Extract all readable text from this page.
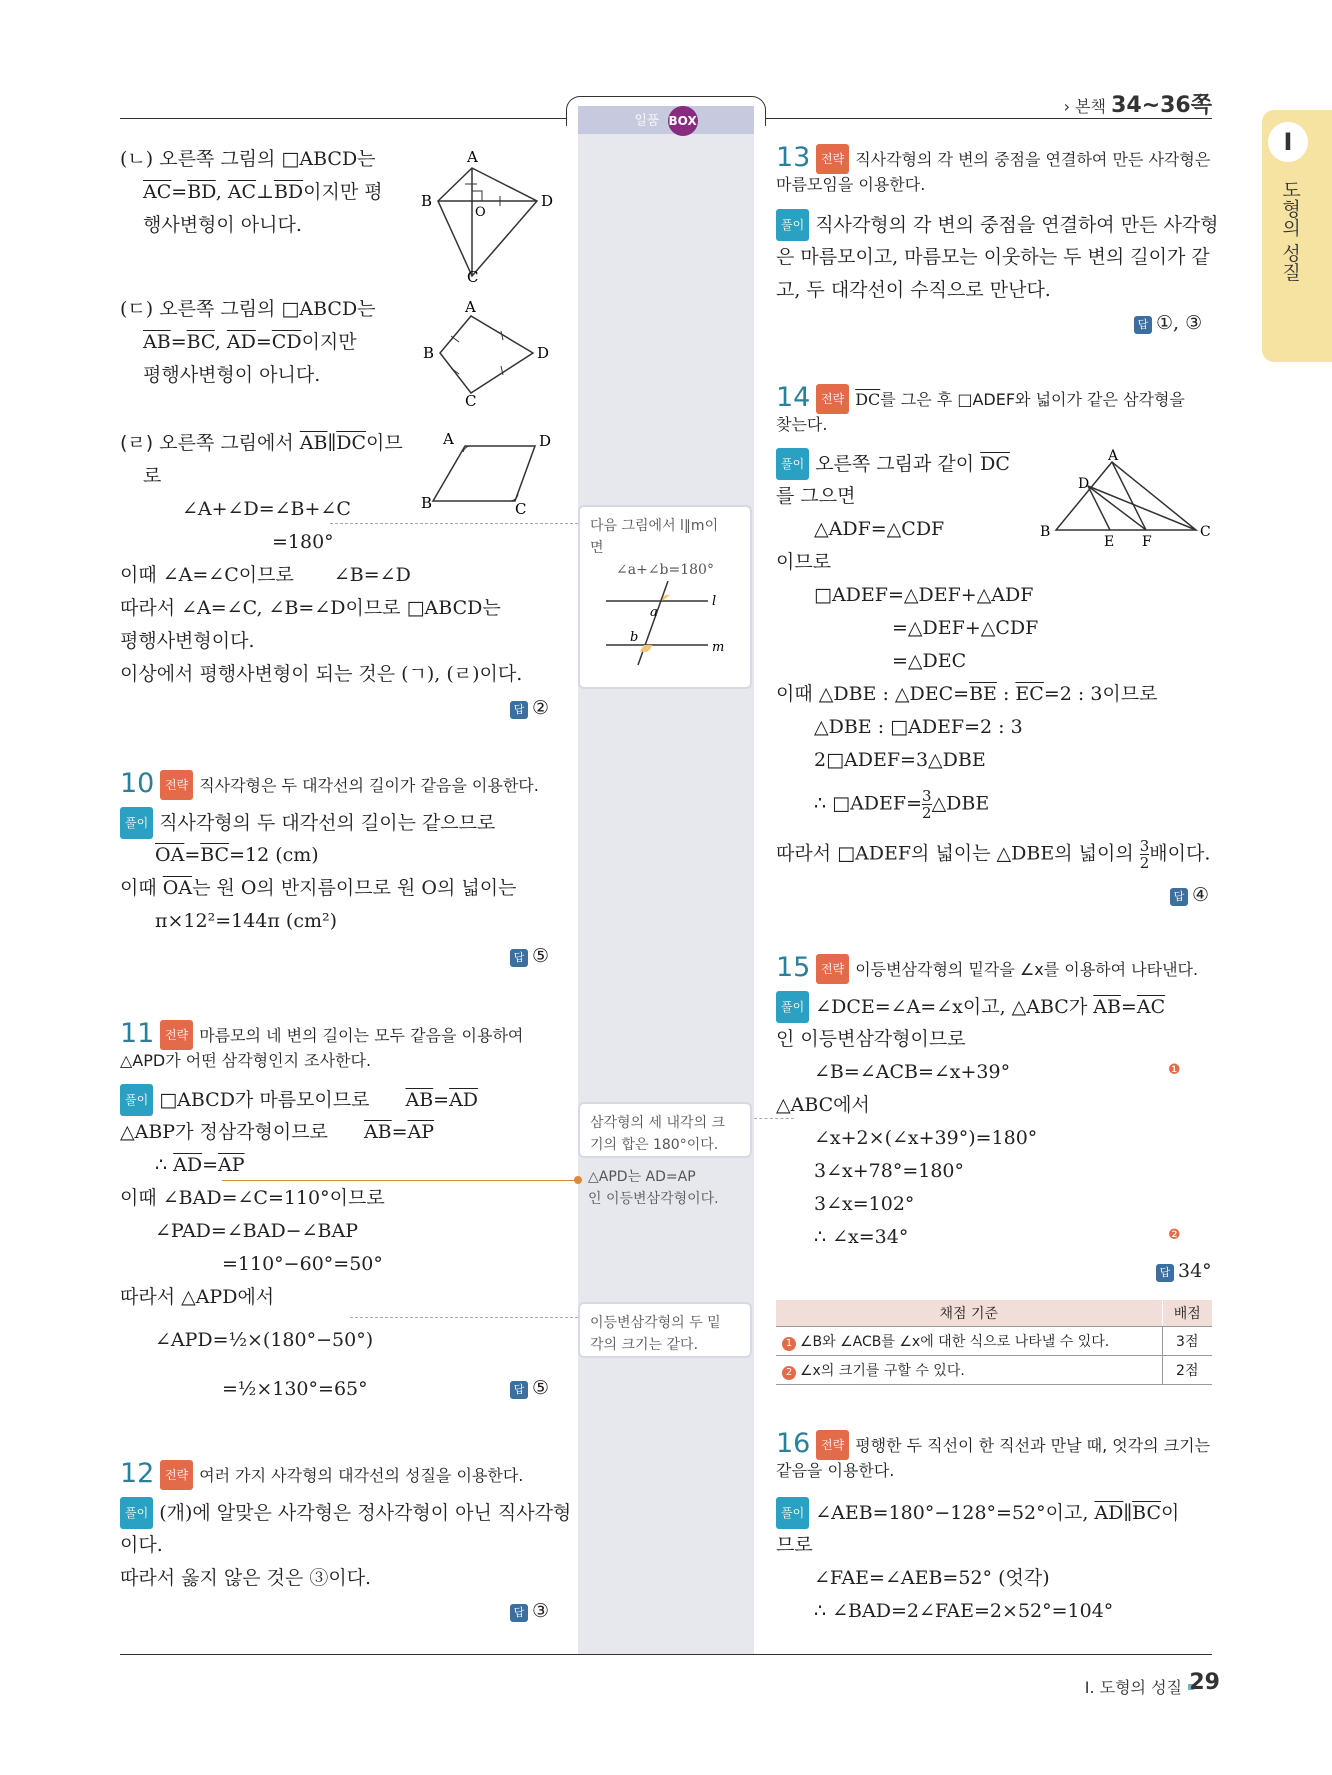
일품 BOX
› 본책 34~36쪽
I
도형의 성질
(ㄴ) 오른쪽 그림의 □ABCD는
$\overline{AC}=\overline{BD}$, $\overline{AC}\perp\overline{BD}$이지만 평
행사변형이 아니다.
A
B
O
D
C
(ㄷ) 오른쪽 그림의 □ABCD는
$\overline{AB}=\overline{BC}$, $\overline{AD}=\overline{CD}$이지만
평행사변형이 아니다.
A
B	D
C
(ㄹ) 오른쪽 그림에서 $\overline{AB}\parallel\overline{DC}$이므
로
∠A+∠D=∠B+∠C
=180°
이때 ∠A=∠C이므로 ∠B=∠D
따라서 ∠A=∠C, ∠B=∠D이므로 □ABCD는
평행사변형이다.
이상에서 평행사변형이 되는 것은 (ㄱ), (ㄹ)이다.
답 ②
A	D
B	C
10 전략 직사각형은 두 대각선의 길이가 같음을 이용한다.
풀이 직사각형의 두 대각선의 길이는 같으므로
$\overline{OA}=\overline{BC}=12$ (cm)
이때 $\overline{OA}$는 원 O의 반지름이므로 원 O의 넓이는
π×12²=144π (cm²)
답 ⑤
11 전략 마름모의 네 변의 길이는 모두 같음을 이용하여
△APD가 어떤 삼각형인지 조사한다.
풀이 □ABCD가 마름모이므로 $\overline{AB}=\overline{AD}$
△ABP가 정삼각형이므로 $\overline{AB}=\overline{AP}$
∴ $\overline{AD}=\overline{AP}$
이때 ∠BAD=∠C=110°이므로
∠PAD=∠BAD−∠BAP
=110°−60°=50°
따라서 △APD에서
∠APD=½×(180°−50°)
=½×130°=65°	답 ⑤
12 전략 여러 가지 사각형의 대각선의 성질을 이용한다.
풀이 (개)에 알맞은 사각형은 정사각형이 아닌 직사각형
이다.
따라서 옳지 않은 것은 ③이다.
답 ③
다음 그림에서 l∥m이
면
∠a+∠b=180°
a
b
l
m
삼각형의 세 내각의 크
기의 합은 180°이다.
△APD는 AD=AP
인 이등변삼각형이다.
이등변삼각형의 두 밑
각의 크기는 같다.
13 전략 직사각형의 각 변의 중점을 연결하여 만든 사각형은
마름모임을 이용한다.
풀이 직사각형의 각 변의 중점을 연결하여 만든 사각형
은 마름모이고, 마름모는 이웃하는 두 변의 길이가 같
고, 두 대각선이 수직으로 만난다.
답 ①, ③
14 전략 $\overline{DC}$를 그은 후 □ADEF와 넓이가 같은 삼각형을
찾는다.
풀이 오른쪽 그림과 같이 $\overline{DC}$
를 그으면
△ADF=△CDF
이므로
□ADEF=△DEF+△ADF
=△DEF+△CDF
=△DEC
이때 △DBE : $\triangle DEC=\overline{BE}$ : $\overline{EC}=2$ : 3이므로
△DBE : □ADEF=2 : 3
2□ADEF=3△DBE
∴ □ADEF= $\frac{3}{2}$ △DBE
따라서 □ADEF의 넓이는 △DBE의 넓이의 $\frac{3}{2}$ 배이다.
답 ④
A
D
B
E F
C
15 전략 이등변삼각형의 밑각을 ∠x를 이용하여 나타낸다.
풀이 ∠DCE=∠A=∠x이고, △ABC가 $\overline{AB}=\overline{AC}$
인 이등변삼각형이므로
∠B=∠ACB=∠x+39°	❶
△ABC에서
∠x+2×(∠x+39°)=180°
3∠x+78°=180°
3∠x=102°
∴ ∠x=34°	❷
답 34°
채점 기준	배점
1 ∠B와 ∠ACB를 ∠x에 대한 식으로 나타낼 수 있다.	3점
2 ∠x의 크기를 구할 수 있다.	2점
16 전략 평행한 두 직선이 한 직선과 만날 때, 엇각의 크기는
같음을 이용한다.
풀이 ∠AEB=180°−128°=52°이고, $\overline{AD}\parallel\overline{BC}$이
므로
∠FAE=∠AEB=52° (엇각)
∴ ∠BAD=2∠FAE=2×52°=104°
I. 도형의 성질 29
